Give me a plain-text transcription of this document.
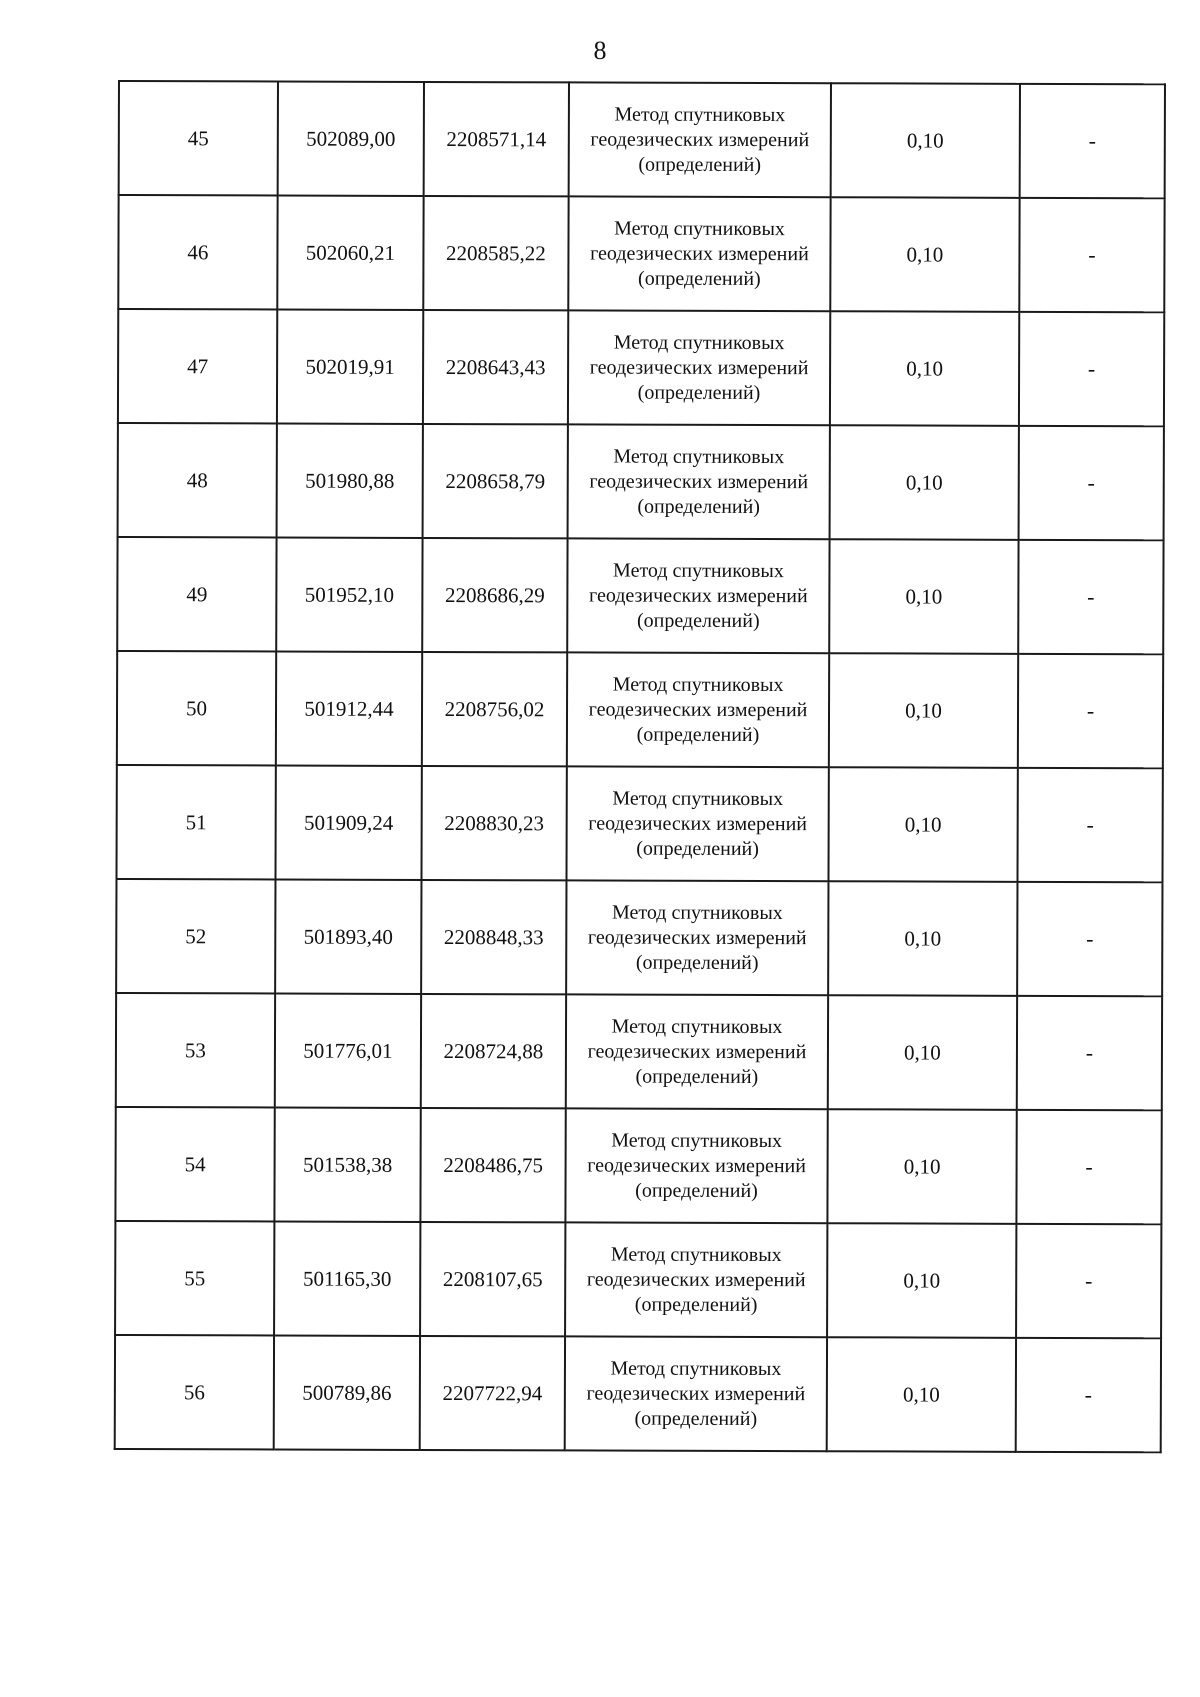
8
45	502089,00	2208571,14	Метод спутниковых геодезических измерений (определений)	0,10	-
46	502060,21	2208585,22	Метод спутниковых геодезических измерений (определений)	0,10	-
47	502019,91	2208643,43	Метод спутниковых геодезических измерений (определений)	0,10	-
48	501980,88	2208658,79	Метод спутниковых геодезических измерений (определений)	0,10	-
49	501952,10	2208686,29	Метод спутниковых геодезических измерений (определений)	0,10	-
50	501912,44	2208756,02	Метод спутниковых геодезических измерений (определений)	0,10	-
51	501909,24	2208830,23	Метод спутниковых геодезических измерений (определений)	0,10	-
52	501893,40	2208848,33	Метод спутниковых геодезических измерений (определений)	0,10	-
53	501776,01	2208724,88	Метод спутниковых геодезических измерений (определений)	0,10	-
54	501538,38	2208486,75	Метод спутниковых геодезических измерений (определений)	0,10	-
55	501165,30	2208107,65	Метод спутниковых геодезических измерений (определений)	0,10	-
56	500789,86	2207722,94	Метод спутниковых геодезических измерений (определений)	0,10	-
